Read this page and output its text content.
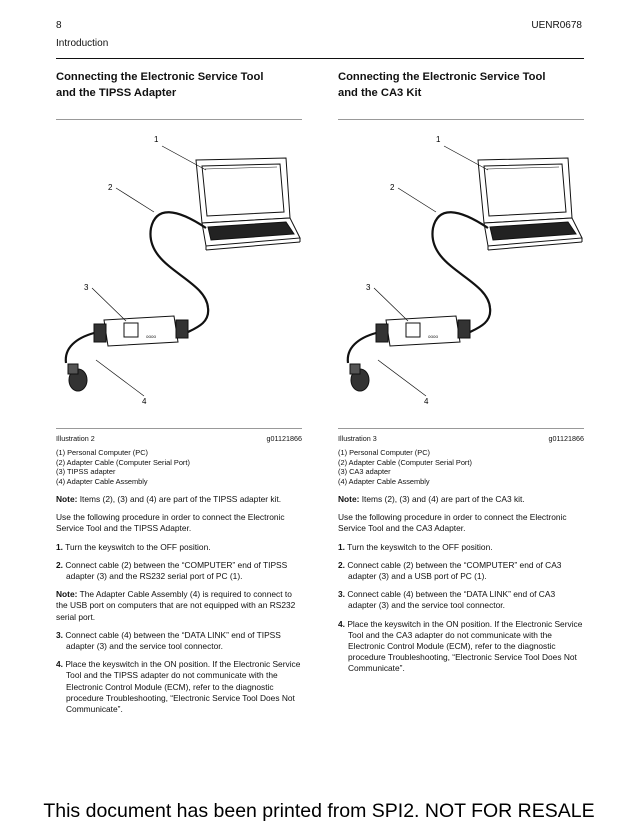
8	UENR0678
Introduction

Connecting the Electronic Service Tool

and the TIPSS Adapter

oooo
1
2
3
4
Illustration 2	g01121866
(1) Personal Computer (PC)
(2) Adapter Cable (Computer Serial Port)
(3) TIPSS adapter
(4) Adapter Cable Assembly

Note: Items (2), (3) and (4) are part of the TIPSS adapter kit.

Use the following procedure in order to connect the Electronic Service Tool and the TIPSS Adapter.

1. Turn the keyswitch to the OFF position.

2. Connect cable (2) between the “COMPUTER” end of TIPSS adapter (3) and the RS232 serial port of PC (1).

Note: The Adapter Cable Assembly (4) is required to connect to the USB port on computers that are not equipped with an RS232 serial port.

3. Connect cable (4) between the “DATA LINK” end of TIPSS adapter (3) and the service tool connector.

4. Place the keyswitch in the ON position. If the Electronic Service Tool and the TIPSS adapter do not communicate with the Electronic Control Module (ECM), refer to the diagnostic procedure Troubleshooting, “Electronic Service Tool Does Not Communicate”.

Connecting the Electronic Service Tool

and the CA3 Kit

oooo
1
2
3
4
Illustration 3	g01121866
(1) Personal Computer (PC)
(2) Adapter Cable (Computer Serial Port)
(3) CA3 adapter
(4) Adapter Cable Assembly

Note: Items (2), (3) and (4) are part of the CA3 kit.

Use the following procedure in order to connect the Electronic Service Tool and the CA3 Adapter.

1. Turn the keyswitch to the OFF position.

2. Connect cable (2) between the “COMPUTER” end of CA3 adapter (3) and a USB port of PC (1).

3. Connect cable (4) between the “DATA LINK” end of CA3 adapter (3) and the service tool connector.

4. Place the keyswitch in the ON position. If the Electronic Service Tool and the CA3 adapter do not communicate with the Electronic Control Module (ECM), refer to the diagnostic procedure Troubleshooting, “Electronic Service Tool Does Not Communicate”.

This document has been printed from SPI2. NOT FOR RESALE
